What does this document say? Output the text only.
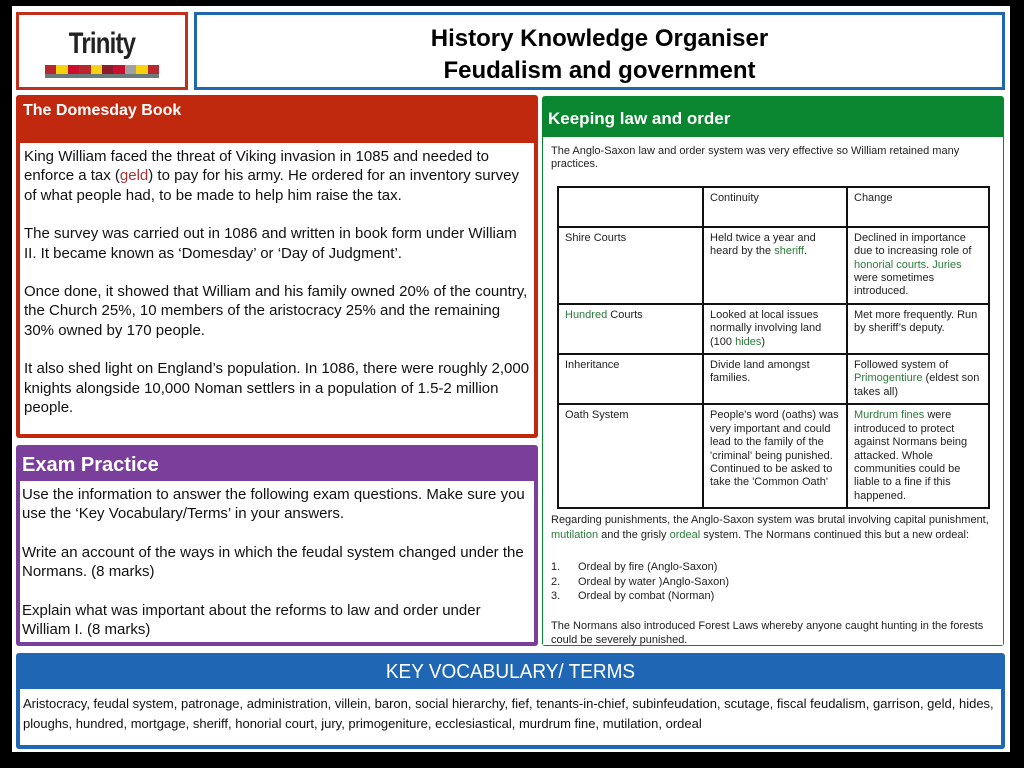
Trinity	History Knowledge Organiser
Feudalism and government
The Domesday Book

King William faced the threat of Viking invasion in 1085 and needed to enforce a tax (geld) to pay for his army. He ordered for an inventory survey of what people had, to be made to help him raise the tax.

The survey was carried out in 1086 and written in book form under William II. It became known as ‘Domesday’ or ‘Day of Judgment’.

Once done, it showed that William and his family owned 20% of the country, the Church 25%, 10 members of the aristocracy 25% and the remaining 30% owned by 170 people.

It also shed light on England’s population. In 1086, there were roughly 2,000 knights alongside 10,000 Noman settlers in a population of 1.5-2 million people.

Exam Practice

Use the information to answer the following exam questions. Make sure you use the ‘Key Vocabulary/Terms’ in your answers.

Write an account of the ways in which the feudal system changed under the Normans. (8 marks)

Explain what was important about the reforms to law and order under William I. (8 marks)

Keeping law and order

The Anglo-Saxon law and order system was very effective so William retained many practices.

	Continuity	Change
Shire Courts	Held twice a year and heard by the sheriff.	Declined in importance due to increasing role of honorial courts. Juries were sometimes introduced.
Hundred Courts	Looked at local issues normally involving land (100 hides)	Met more frequently. Run by sheriff’s deputy.
Inheritance	Divide land amongst families.	Followed system of Primogentiure (eldest son takes all)
Oath System	People's word (oaths) was very important and could lead to the family of the 'criminal' being punished. Continued to be asked to take the 'Common Oath'	Murdrum fines were introduced to protect against Normans being attacked. Whole communities could be liable to a fine if this happened.

Regarding punishments, the Anglo-Saxon system was brutal involving capital punishment, mutilation and the grisly ordeal system. The Normans continued this but a new ordeal:

1. Ordeal by fire (Anglo-Saxon)
2. Ordeal by water )Anglo-Saxon)
3. Ordeal by combat (Norman)

The Normans also introduced Forest Laws whereby anyone caught hunting in the forests could be severely punished.

KEY VOCABULARY/ TERMS
Aristocracy, feudal system, patronage, administration, villein, baron, social hierarchy, fief, tenants-in-chief, subinfeudation, scutage, fiscal feudalism, garrison, geld, hides, ploughs, hundred, mortgage, sheriff, honorial court, jury, primogeniture, ecclesiastical, murdrum fine, mutilation, ordeal
